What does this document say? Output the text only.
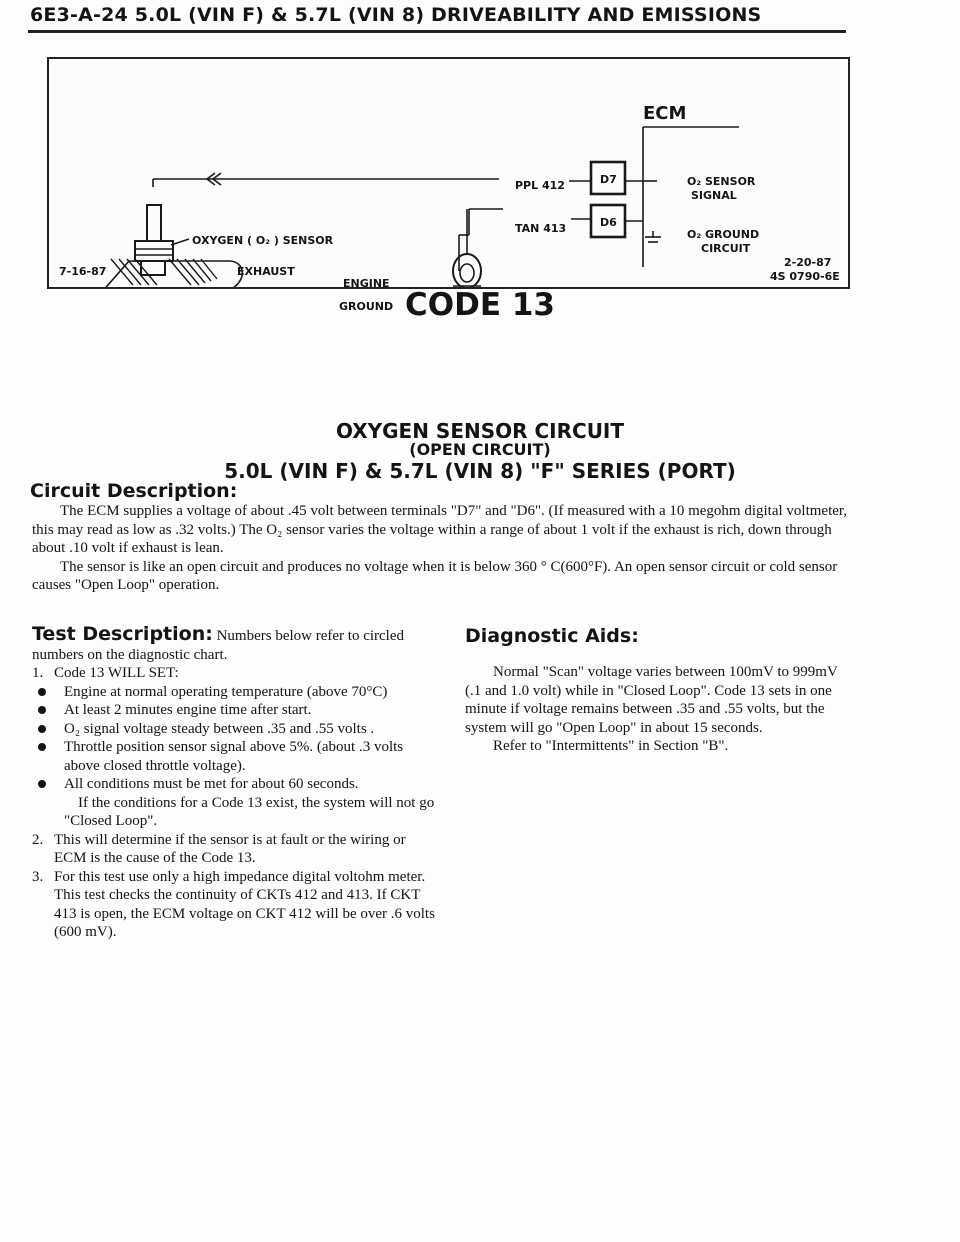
6E3-A-24 5.0L (VIN F) & 5.7L (VIN 8) DRIVEABILITY AND EMISSIONS
ECM
PPL 412
TAN 413
D7
D6
O₂ SENSOR
SIGNAL
O₂ GROUND
CIRCUIT
OXYGEN ( O₂ ) SENSOR
EXHAUST
ENGINE
GROUND
7-16-87
2-20-87
4S 0790-6E
CODE 13
OXYGEN SENSOR CIRCUIT
(OPEN CIRCUIT)
5.0L (VIN F) & 5.7L (VIN 8) "F" SERIES (PORT)
Circuit Description:

The ECM supplies a voltage of about .45 volt between terminals "D7" and "D6". (If measured with a 10 megohm digital voltmeter, this may read as low as .32 volts.) The O₂ sensor varies the voltage within a range of about 1 volt if the exhaust is rich, down through about .10 volt if exhaust is lean.

The sensor is like an open circuit and produces no voltage when it is below 360 ° C(600°F). An open sensor circuit or cold sensor causes "Open Loop" operation.

Test Description: Numbers below refer to circled numbers on the diagnostic chart.

1. Code 13 WILL SET:
Engine at normal operating temperature (above 70°C)
At least 2 minutes engine time after start.
O₂ signal voltage steady between .35 and .55 volts .
Throttle position sensor signal above 5%. (about .3 volts above closed throttle voltage).
All conditions must be met for about 60 seconds.
If the conditions for a Code 13 exist, the system will not go "Closed Loop".
2. This will determine if the sensor is at fault or the wiring or ECM is the cause of the Code 13.
3. For this test use only a high impedance digital voltohm meter. This test checks the continuity of CKTs 412 and 413. If CKT 413 is open, the ECM voltage on CKT 412 will be over .6 volts (600 mV).
Diagnostic Aids:

Normal "Scan" voltage varies between 100mV to 999mV (.1 and 1.0 volt) while in "Closed Loop". Code 13 sets in one minute if voltage remains between .35 and .55 volts, but the system will go "Open Loop" in about 15 seconds.

Refer to "Intermittents" in Section "B".
